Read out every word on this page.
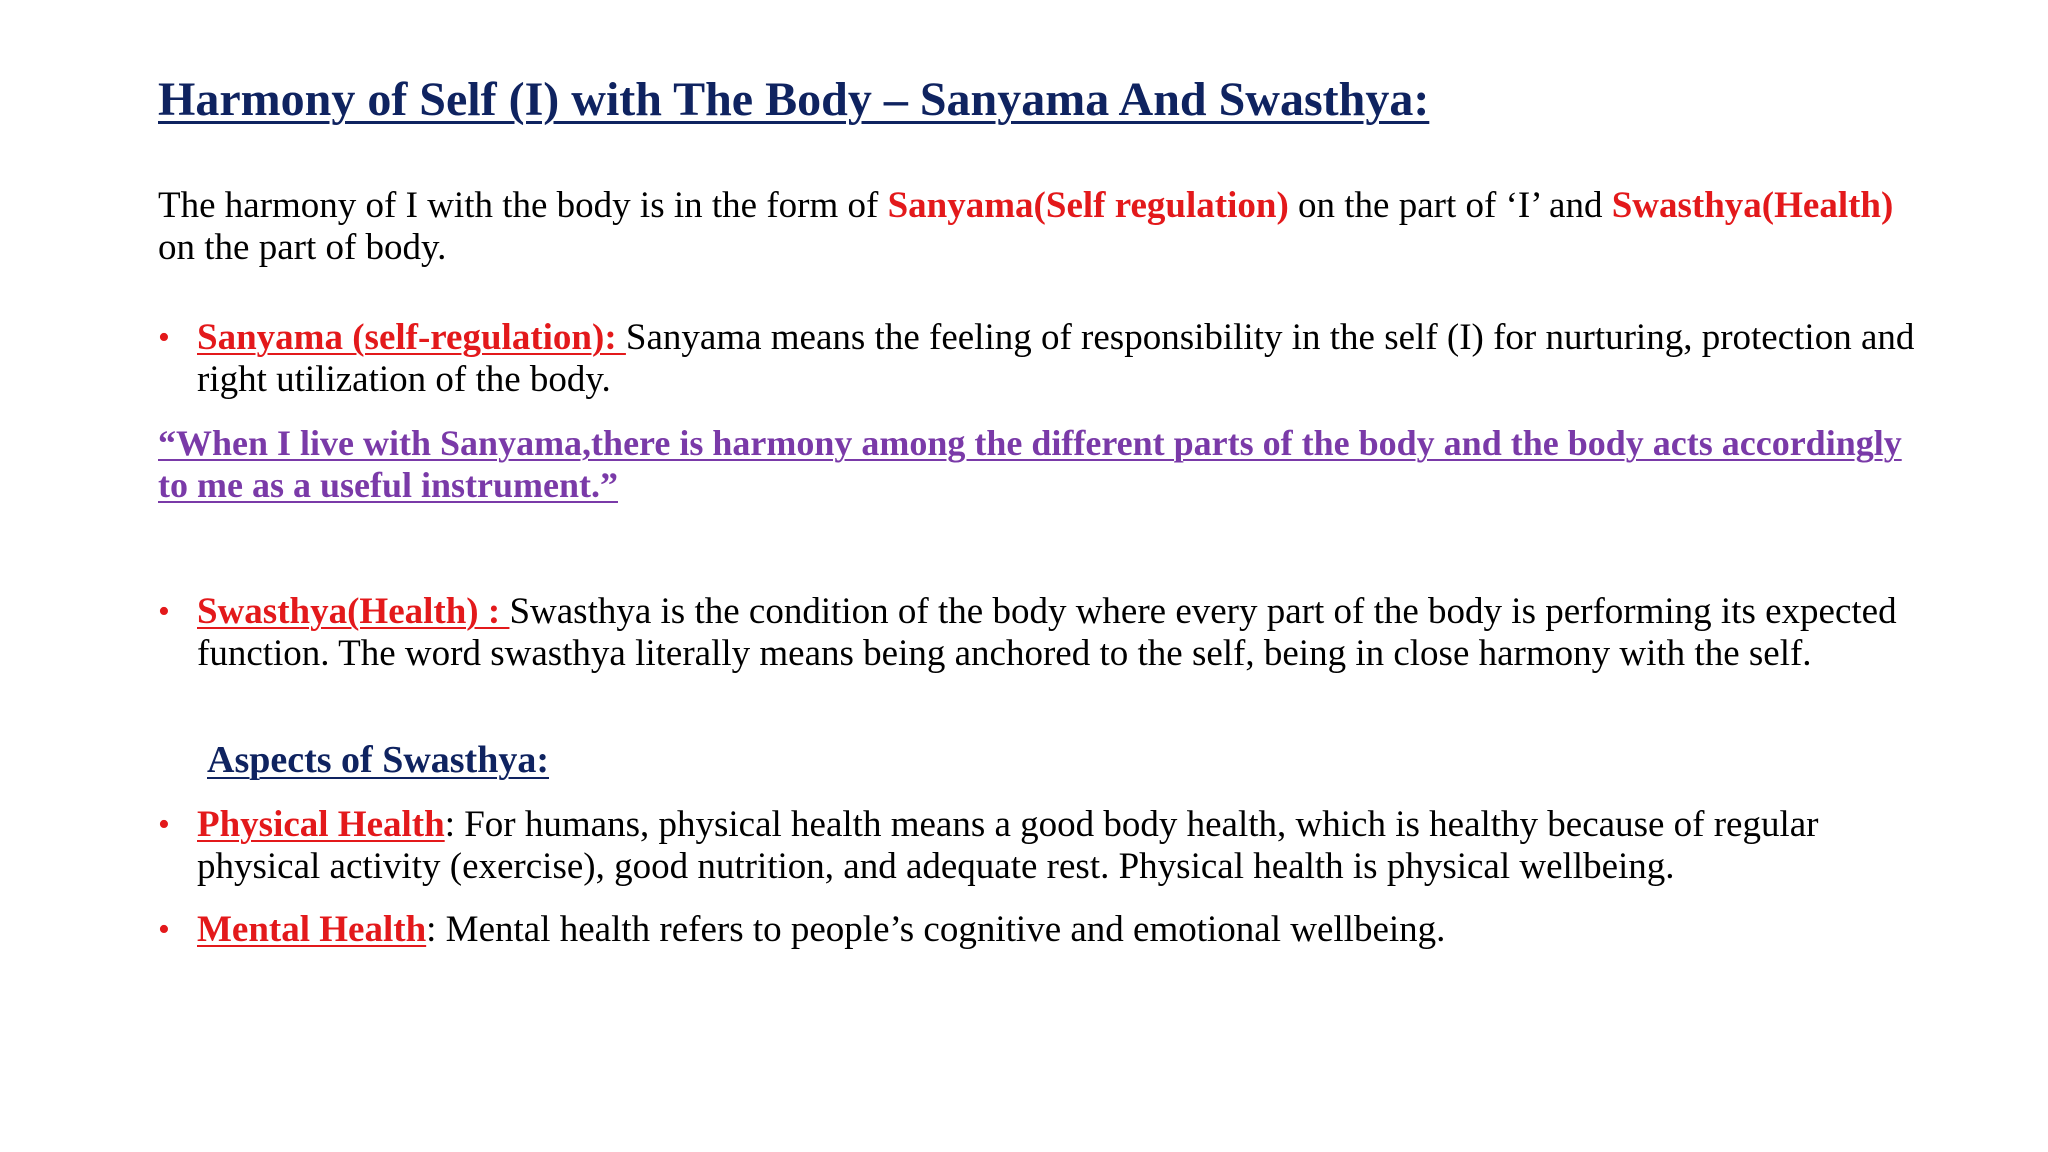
Harmony of Self (I) with The Body – Sanyama And Swasthya:

The harmony of I with the body is in the form of Sanyama(Self regulation) on the part of ‘I’ and Swasthya(Health) on the part of body.

• Sanyama (self-regulation): Sanyama means the feeling of responsibility in the self (I) for nurturing, protection and right utilization of the body.

“When I live with Sanyama,there is harmony among the different parts of the body and the body acts accordingly to me as a useful instrument.”

• Swasthya(Health) : Swasthya is the condition of the body where every part of the body is performing its expected function. The word swasthya literally means being anchored to the self, being in close harmony with the self.
Aspects of Swasthya:
• Physical Health: For humans, physical health means a good body health, which is healthy because of regular physical activity (exercise), good nutrition, and adequate rest. Physical health is physical wellbeing.
• Mental Health: Mental health refers to people’s cognitive and emotional wellbeing.
